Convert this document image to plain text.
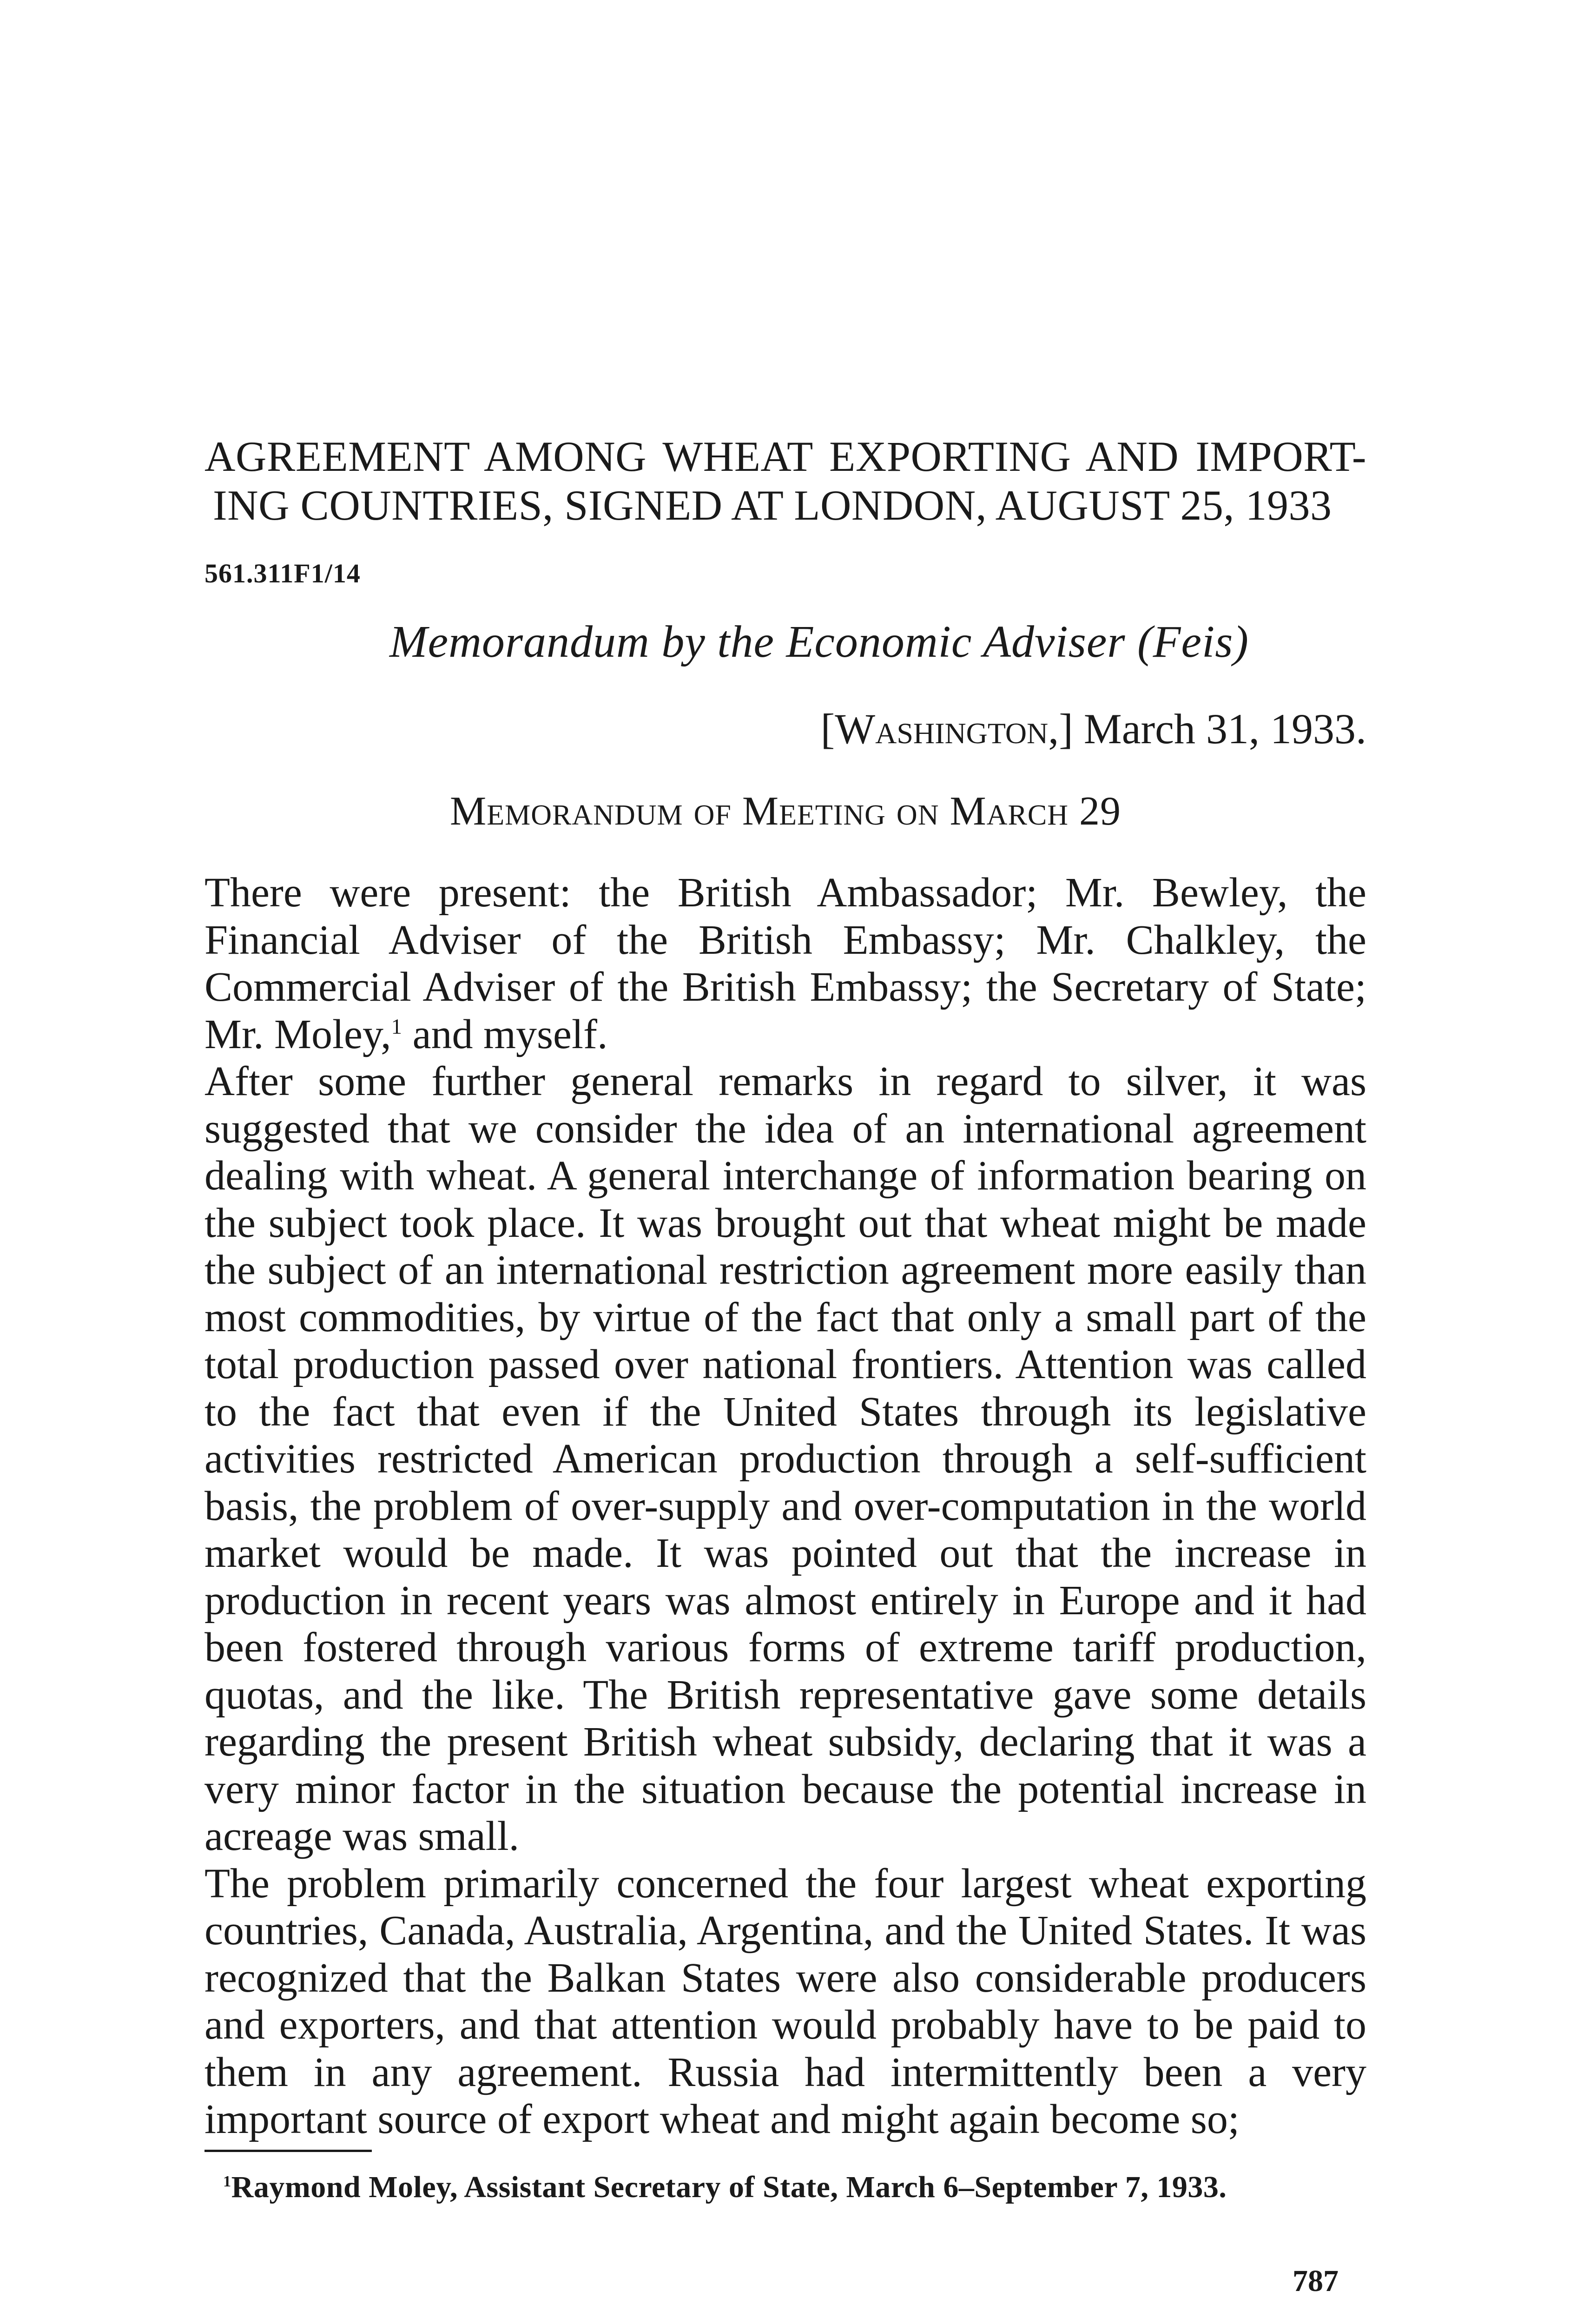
AGREEMENT AMONG WHEAT EXPORTING AND IMPORT-
ING COUNTRIES, SIGNED AT LONDON, AUGUST 25, 1933
561.311F1/14
Memorandum by the Economic Adviser (Feis)
[Washington,] March 31, 1933.
Memorandum of Meeting on March 29

There were present: the British Ambassador; Mr. Bewley, the Financial Adviser of the British Embassy; Mr. Chalkley, the Commercial Adviser of the British Embassy; the Secretary of State; Mr. Moley,$^1$ and myself.

After some further general remarks in regard to silver, it was suggested that we consider the idea of an international agreement dealing with wheat. A general interchange of information bearing on the subject took place. It was brought out that wheat might be made the subject of an international restriction agreement more easily than most commodities, by virtue of the fact that only a small part of the total production passed over national frontiers. Attention was called to the fact that even if the United States through its legislative activities restricted American production through a self-sufficient basis, the problem of over-supply and over-computation in the world market would be made. It was pointed out that the increase in production in recent years was almost entirely in Europe and it had been fostered through various forms of extreme tariff production, quotas, and the like. The British representative gave some details regarding the present British wheat subsidy, declaring that it was a very minor factor in the situation because the potential increase in acreage was small.

The problem primarily concerned the four largest wheat exporting countries, Canada, Australia, Argentina, and the United States. It was recognized that the Balkan States were also considerable producers and exporters, and that attention would probably have to be paid to them in any agreement. Russia had intermittently been a very important source of export wheat and might again become so;

$^1$Raymond Moley, Assistant Secretary of State, March 6–September 7, 1933.
787
